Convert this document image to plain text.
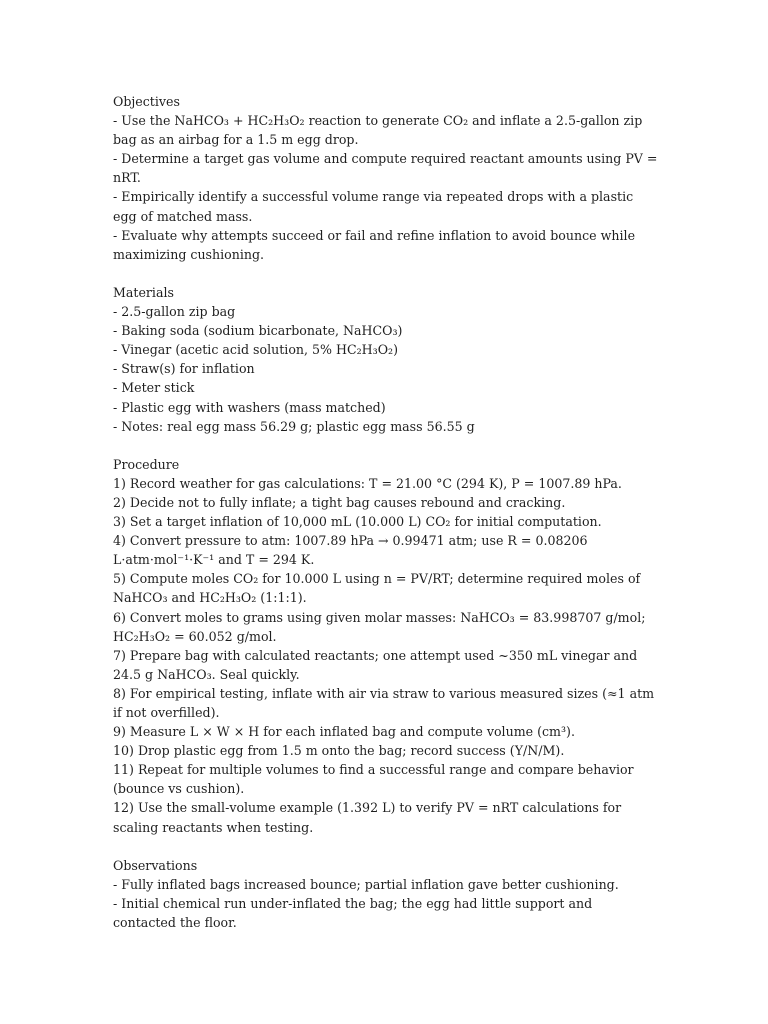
Objectives
- Use the NaHCO₃ + HC₂H₃O₂ reaction to generate CO₂ and inflate a 2.5-gallon zip bag as an airbag for a 1.5 m egg drop.
- Determine a target gas volume and compute required reactant amounts using PV = nRT.
- Empirically identify a successful volume range via repeated drops with a plastic egg of matched mass.
- Evaluate why attempts succeed or fail and refine inflation to avoid bounce while maximizing cushioning.
Materials
- 2.5-gallon zip bag
- Baking soda (sodium bicarbonate, NaHCO₃)
- Vinegar (acetic acid solution, 5% HC₂H₃O₂)
- Straw(s) for inflation
- Meter stick
- Plastic egg with washers (mass matched)
- Notes: real egg mass 56.29 g; plastic egg mass 56.55 g
Procedure
1) Record weather for gas calculations: T = 21.00 °C (294 K), P = 1007.89 hPa.
2) Decide not to fully inflate; a tight bag causes rebound and cracking.
3) Set a target inflation of 10,000 mL (10.000 L) CO₂ for initial computation.
4) Convert pressure to atm: 1007.89 hPa → 0.99471 atm; use R = 0.08206 L·atm·mol⁻¹·K⁻¹ and T = 294 K.
5) Compute moles CO₂ for 10.000 L using n = PV/RT; determine required moles of NaHCO₃ and HC₂H₃O₂ (1:1:1).
6) Convert moles to grams using given molar masses: NaHCO₃ = 83.998707 g/mol; HC₂H₃O₂ = 60.052 g/mol.
7) Prepare bag with calculated reactants; one attempt used ~350 mL vinegar and 24.5 g NaHCO₃. Seal quickly.
8) For empirical testing, inflate with air via straw to various measured sizes (≈1 atm if not overfilled).
9) Measure L × W × H for each inflated bag and compute volume (cm³).
10) Drop plastic egg from 1.5 m onto the bag; record success (Y/N/M).
11) Repeat for multiple volumes to find a successful range and compare behavior (bounce vs cushion).
12) Use the small-volume example (1.392 L) to verify PV = nRT calculations for scaling reactants when testing.
Observations
- Fully inflated bags increased bounce; partial inflation gave better cushioning.
- Initial chemical run under-inflated the bag; the egg had little support and contacted the floor.
